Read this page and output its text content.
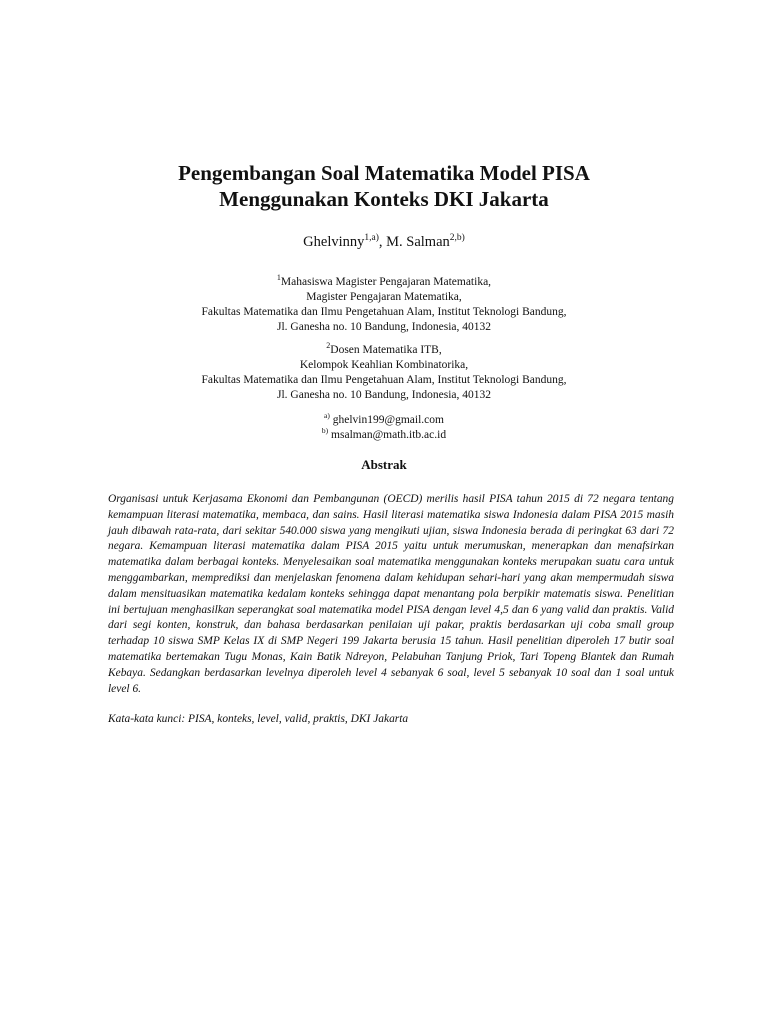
Pengembangan Soal Matematika Model PISA
Menggunakan Konteks DKI Jakarta
Ghelvinny$^{1,a)}$, M. Salman$^{2,b)}$
$^1$Mahasiswa Magister Pengajaran Matematika,
Magister Pengajaran Matematika,
Fakultas Matematika dan Ilmu Pengetahuan Alam, Institut Teknologi Bandung,
Jl. Ganesha no. 10 Bandung, Indonesia, 40132
$^2$Dosen Matematika ITB,
Kelompok Keahlian Kombinatorika,
Fakultas Matematika dan Ilmu Pengetahuan Alam, Institut Teknologi Bandung,
Jl. Ganesha no. 10 Bandung, Indonesia, 40132
$^{a)}$ ghelvin199@gmail.com
$^{b)}$ msalman@math.itb.ac.id
Abstrak
Organisasi untuk Kerjasama Ekonomi dan Pembangunan (OECD) merilis hasil PISA tahun 2015 di 72 negara tentang kemampuan literasi matematika, membaca, dan sains. Hasil literasi matematika siswa Indonesia dalam PISA 2015 masih jauh dibawah rata-rata, dari sekitar 540.000 siswa yang mengikuti ujian, siswa Indonesia berada di peringkat 63 dari 72 negara. Kemampuan literasi matematika dalam PISA 2015 yaitu untuk merumuskan, menerapkan dan menafsirkan matematika dalam berbagai konteks. Menyelesaikan soal matematika menggunakan konteks merupakan suatu cara untuk menggambarkan, memprediksi dan menjelaskan fenomena dalam kehidupan sehari-hari yang akan mempermudah siswa dalam mensituasikan matematika kedalam konteks sehingga dapat menantang pola berpikir matematis siswa. Penelitian ini bertujuan menghasilkan seperangkat soal matematika model PISA dengan level 4,5 dan 6 yang valid dan praktis. Valid dari segi konten, konstruk, dan bahasa berdasarkan penilaian uji pakar, praktis berdasarkan uji coba small group terhadap 10 siswa SMP Kelas IX di SMP Negeri 199 Jakarta berusia 15 tahun. Hasil penelitian diperoleh 17 butir soal matematika bertemakan Tugu Monas, Kain Batik Ndreyon, Pelabuhan Tanjung Priok, Tari Topeng Blantek dan Rumah Kebaya. Sedangkan berdasarkan levelnya diperoleh level 4 sebanyak 6 soal, level 5 sebanyak 10 soal dan 1 soal untuk level 6.
Kata-kata kunci: PISA, konteks, level, valid, praktis, DKI Jakarta
